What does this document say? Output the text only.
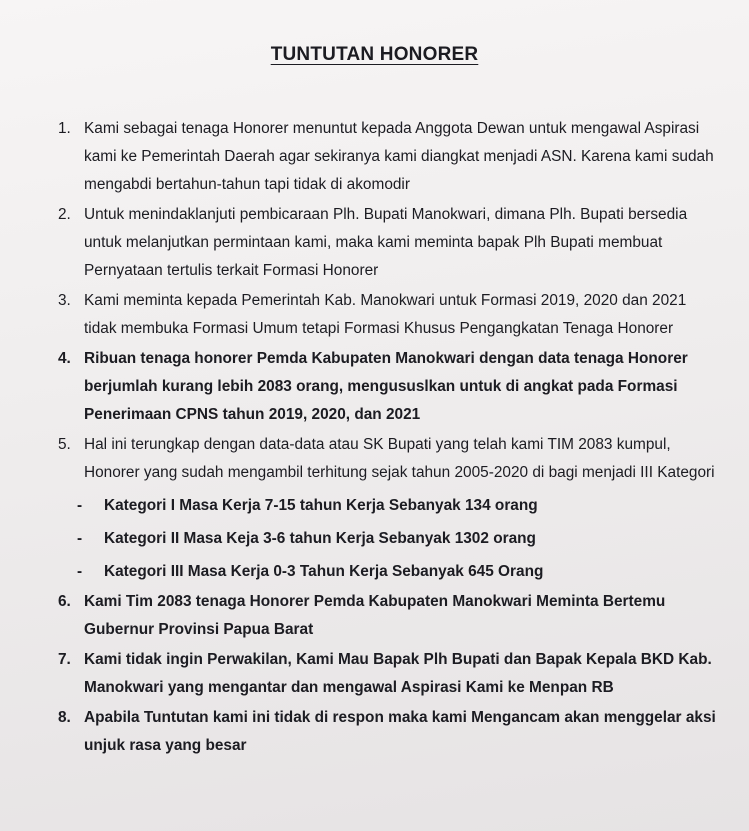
TUNTUTAN HONORER
1. Kami sebagai tenaga Honorer menuntut kepada Anggota Dewan untuk mengawal Aspirasi kami ke Pemerintah Daerah agar sekiranya kami diangkat menjadi ASN. Karena kami sudah mengabdi bertahun-tahun tapi tidak di akomodir
2. Untuk menindaklanjuti pembicaraan Plh. Bupati Manokwari, dimana Plh. Bupati bersedia untuk melanjutkan permintaan kami, maka kami meminta bapak Plh Bupati membuat Pernyataan tertulis terkait Formasi Honorer
3. Kami meminta kepada Pemerintah Kab. Manokwari untuk Formasi 2019, 2020 dan 2021 tidak membuka Formasi Umum tetapi Formasi Khusus Pengangkatan Tenaga Honorer
4. Ribuan tenaga honorer Pemda Kabupaten Manokwari dengan data tenaga Honorer berjumlah kurang lebih 2083 orang, mengususlkan untuk di angkat pada Formasi Penerimaan CPNS tahun 2019, 2020, dan 2021
5. Hal ini terungkap dengan data-data atau SK Bupati yang telah kami TIM 2083 kumpul, Honorer yang sudah mengambil terhitung sejak tahun 2005-2020 di bagi menjadi III Kategori
- Kategori I Masa Kerja 7-15 tahun Kerja Sebanyak 134 orang
- Kategori II Masa Keja 3-6 tahun Kerja Sebanyak 1302 orang
- Kategori III Masa Kerja 0-3 Tahun Kerja Sebanyak 645 Orang
6. Kami Tim 2083 tenaga Honorer Pemda Kabupaten Manokwari Meminta Bertemu Gubernur Provinsi Papua Barat
7. Kami tidak ingin Perwakilan, Kami Mau Bapak Plh Bupati dan Bapak Kepala BKD Kab. Manokwari yang mengantar dan mengawal Aspirasi Kami ke Menpan RB
8. Apabila Tuntutan kami ini tidak di respon maka kami Mengancam akan menggelar aksi unjuk rasa yang besar
